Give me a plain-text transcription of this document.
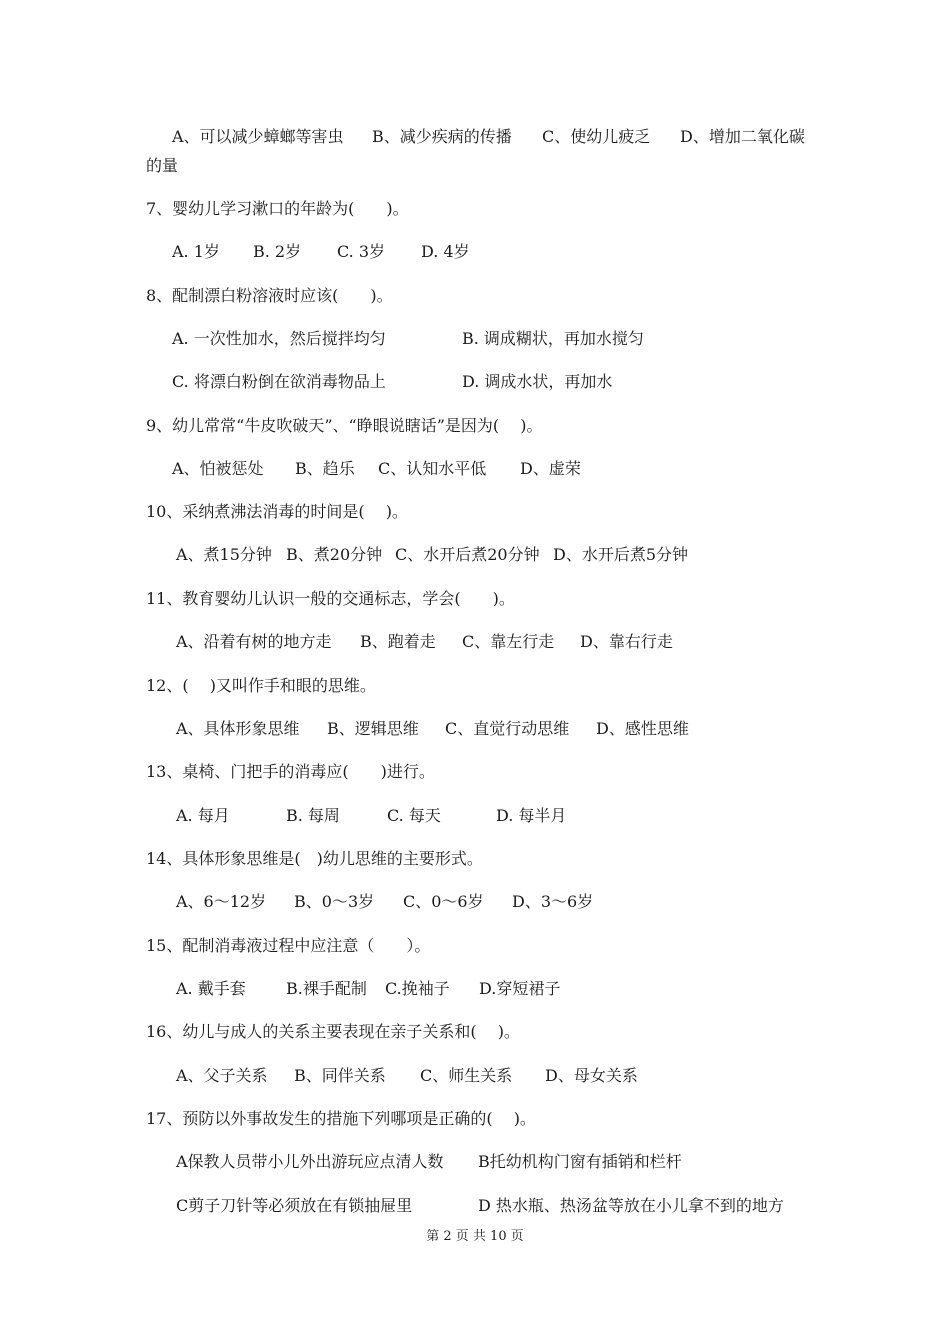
A、可以减少蟑螂等害虫 B、减少疾病的传播 C、使幼儿疲乏 D、增加二氧化碳
的量
7、婴幼儿学习漱口的年龄为(　　)。
A. 1岁 B. 2岁 C. 3岁 D. 4岁
8、配制漂白粉溶液时应该(　　)。
A. 一次性加水，然后搅拌均匀	B. 调成糊状，再加水搅匀
C. 将漂白粉倒在欲消毒物品上	D. 调成水状，再加水
9、幼儿常常“牛皮吹破天”、“睁眼说瞎话”是因为(　 )。
A、怕被惩处 B、趋乐 C、认知水平低 D、虚荣
10、采纳煮沸法消毒的时间是(　 )。
A、煮15分钟 B、煮20分钟 C、水开后煮20分钟 D、水开后煮5分钟
11、教育婴幼儿认识一般的交通标志，学会(　　)。
A、沿着有树的地方走 B、跑着走 C、靠左行走 D、靠右行走
12、(　 )又叫作手和眼的思维。
A、具体形象思维 B、逻辑思维 C、直觉行动思维 D、感性思维
13、桌椅、门把手的消毒应(　　)进行。
A. 每月	B. 每周	C. 每天	D. 每半月
14、具体形象思维是(　)幼儿思维的主要形式。
A、6～12岁 B、0～3岁 C、0～6岁 D、3～6岁
15、配制消毒液过程中应注意（　　）。
A. 戴手套	B.裸手配制 C.挽袖子 D.穿短裙子
16、幼儿与成人的关系主要表现在亲子关系和(　 )。
A、父子关系 B、同伴关系 C、师生关系 D、母女关系
17、预防以外事故发生的措施下列哪项是正确的(　 )。
A保教人员带小儿外出游玩应点清人数 B托幼机构门窗有插销和栏杆
C剪子刀针等必须放在有锁抽屉里	D 热水瓶、热汤盆等放在小儿拿不到的地方
第 2 页 共 10 页
